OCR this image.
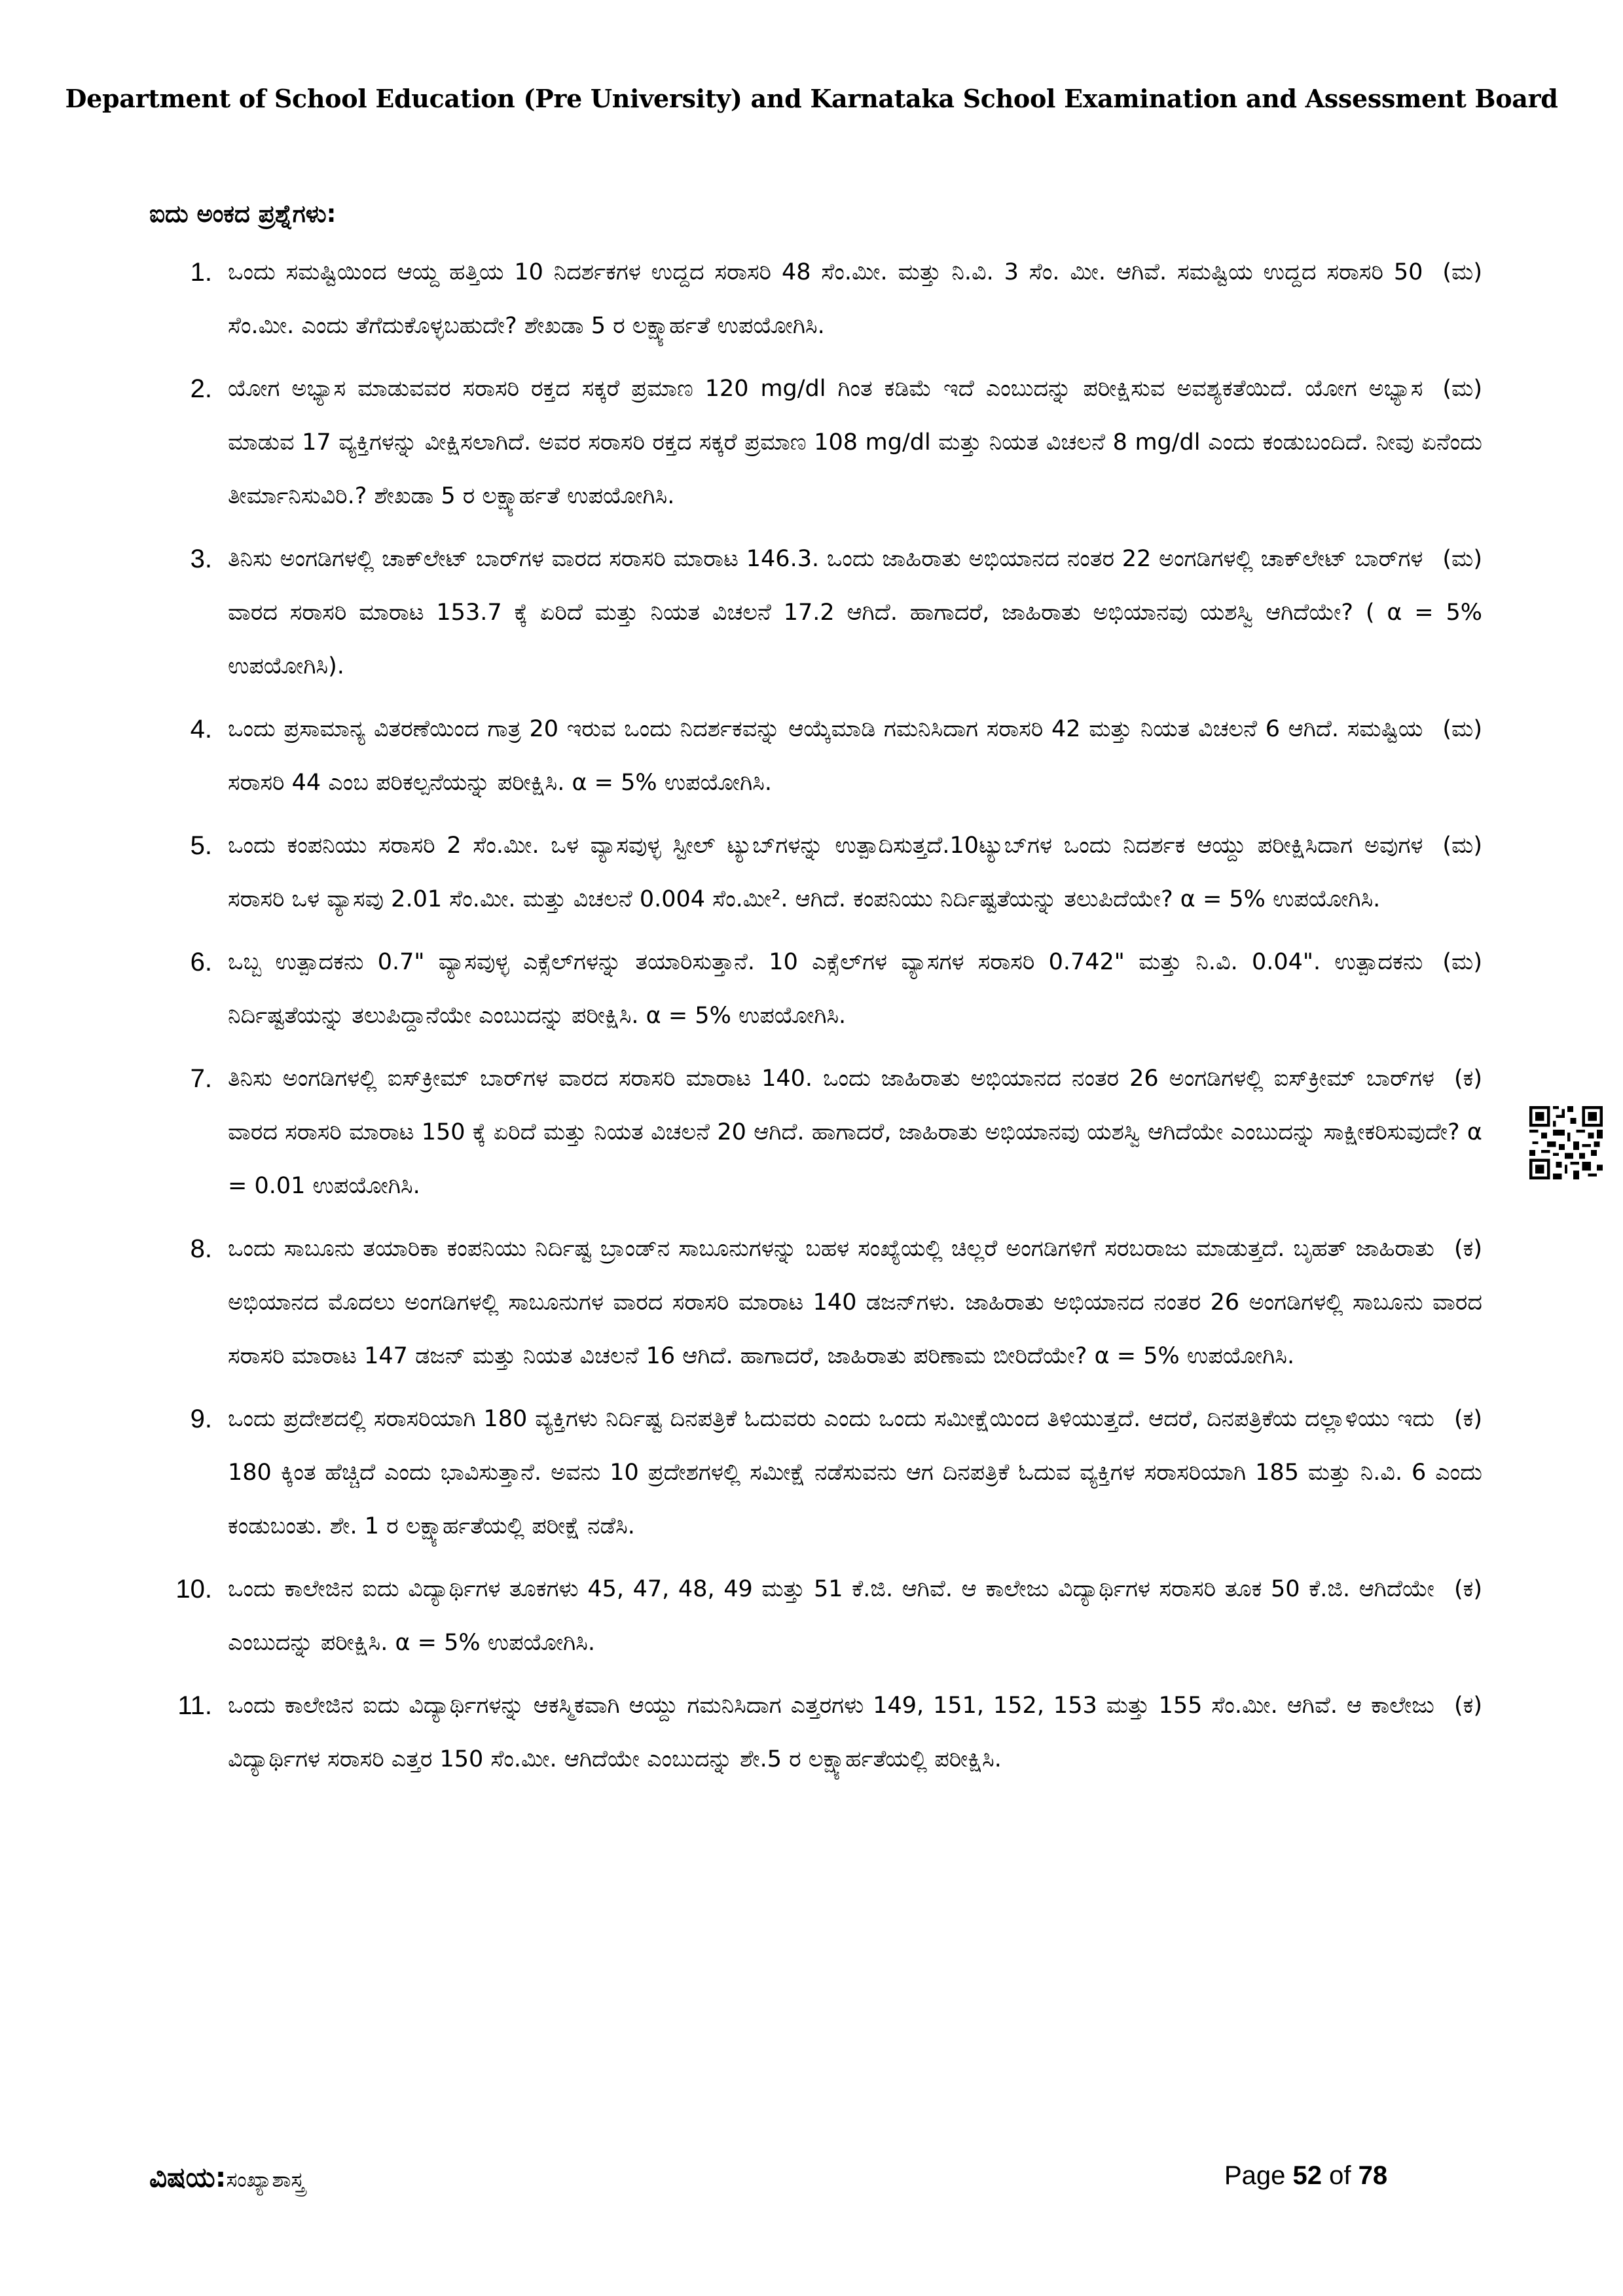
Department of School Education (Pre University) and Karnataka School Examination and Assessment Board
ಐದು ಅಂಕದ ಪ್ರಶ್ನೆಗಳು:
1.	(ಮ)
ಒಂದು ಸಮಷ್ಟಿಯಿಂದ ಆಯ್ದ ಹತ್ತಿಯ 10 ನಿದರ್ಶಕಗಳ ಉದ್ದದ ಸರಾಸರಿ 48 ಸೆಂ.ಮೀ. ಮತ್ತು ನಿ.ವಿ. 3 ಸೆಂ. ಮೀ. ಆಗಿವೆ. ಸಮಷ್ಟಿಯ ಉದ್ದದ ಸರಾಸರಿ 50 ಸೆಂ.ಮೀ. ಎಂದು ತೆಗೆದುಕೊಳ್ಳಬಹುದೇ? ಶೇಖಡಾ 5 ರ ಲಕ್ಷ್ಯಾರ್ಹತೆ ಉಪಯೋಗಿಸಿ.
2.	(ಮ)
ಯೋಗ ಅಭ್ಯಾಸ ಮಾಡುವವರ ಸರಾಸರಿ ರಕ್ತದ ಸಕ್ಕರೆ ಪ್ರಮಾಣ 120 mg/dl ಗಿಂತ ಕಡಿಮೆ ಇದೆ ಎಂಬುದನ್ನು ಪರೀಕ್ಷಿಸುವ ಅವಶ್ಯಕತೆಯಿದೆ. ಯೋಗ ಅಭ್ಯಾಸ ಮಾಡುವ 17 ವ್ಯಕ್ತಿಗಳನ್ನು ವೀಕ್ಷಿಸಲಾಗಿದೆ. ಅವರ ಸರಾಸರಿ ರಕ್ತದ ಸಕ್ಕರೆ ಪ್ರಮಾಣ 108 mg/dl ಮತ್ತು ನಿಯತ ವಿಚಲನೆ 8 mg/dl ಎಂದು ಕಂಡುಬಂದಿದೆ. ನೀವು ಏನೆಂದು ತೀರ್ಮಾನಿಸುವಿರಿ.? ಶೇಖಡಾ 5 ರ ಲಕ್ಷ್ಯಾರ್ಹತೆ ಉಪಯೋಗಿಸಿ.
3.	(ಮ)
ತಿನಿಸು ಅಂಗಡಿಗಳಲ್ಲಿ ಚಾಕ್‌ಲೇಟ್ ಬಾರ್‌ಗಳ ವಾರದ ಸರಾಸರಿ ಮಾರಾಟ 146.3. ಒಂದು ಜಾಹಿರಾತು ಅಭಿಯಾನದ ನಂತರ 22 ಅಂಗಡಿಗಳಲ್ಲಿ ಚಾಕ್‌ಲೇಟ್ ಬಾರ್‌ಗಳ ವಾರದ ಸರಾಸರಿ ಮಾರಾಟ 153.7 ಕ್ಕೆ ಏರಿದೆ ಮತ್ತು ನಿಯತ ವಿಚಲನೆ 17.2 ಆಗಿದೆ. ಹಾಗಾದರೆ, ಜಾಹಿರಾತು ಅಭಿಯಾನವು ಯಶಸ್ವಿ ಆಗಿದೆಯೇ? ( α = 5% ಉಪಯೋಗಿಸಿ).
4.	(ಮ)
ಒಂದು ಪ್ರಸಾಮಾನ್ಯ ವಿತರಣೆಯಿಂದ ಗಾತ್ರ 20 ಇರುವ ಒಂದು ನಿದರ್ಶಕವನ್ನು ಆಯ್ಕೆಮಾಡಿ ಗಮನಿಸಿದಾಗ ಸರಾಸರಿ 42 ಮತ್ತು ನಿಯತ ವಿಚಲನೆ 6 ಆಗಿದೆ. ಸಮಷ್ಟಿಯ ಸರಾಸರಿ 44 ಎಂಬ ಪರಿಕಲ್ಪನೆಯನ್ನು ಪರೀಕ್ಷಿಸಿ. α = 5% ಉಪಯೋಗಿಸಿ.
5.	(ಮ)
ಒಂದು ಕಂಪನಿಯು ಸರಾಸರಿ 2 ಸೆಂ.ಮೀ. ಒಳ ವ್ಯಾಸವುಳ್ಳ ಸ್ಟೀಲ್ ಟ್ಯುಬ್‌ಗಳನ್ನು ಉತ್ಪಾದಿಸುತ್ತದೆ.10ಟ್ಯುಬ್‌ಗಳ ಒಂದು ನಿದರ್ಶಕ ಆಯ್ದು ಪರೀಕ್ಷಿಸಿದಾಗ ಅವುಗಳ ಸರಾಸರಿ ಒಳ ವ್ಯಾಸವು 2.01 ಸೆಂ.ಮೀ. ಮತ್ತು ವಿಚಲನೆ 0.004 ಸೆಂ.ಮೀ². ಆಗಿದೆ. ಕಂಪನಿಯು ನಿರ್ದಿಷ್ಟತೆಯನ್ನು ತಲುಪಿದೆಯೇ? α = 5% ಉಪಯೋಗಿಸಿ.
6.	(ಮ)
ಒಬ್ಬ ಉತ್ಪಾದಕನು 0.7" ವ್ಯಾಸವುಳ್ಳ ಎಕ್ಸೆಲ್‌ಗಳನ್ನು ತಯಾರಿಸುತ್ತಾನೆ. 10 ಎಕ್ಸೆಲ್‌ಗಳ ವ್ಯಾಸಗಳ ಸರಾಸರಿ 0.742" ಮತ್ತು ನಿ.ವಿ. 0.04". ಉತ್ಪಾದಕನು ನಿರ್ದಿಷ್ಟತೆಯನ್ನು ತಲುಪಿದ್ದಾನೆಯೇ ಎಂಬುದನ್ನು ಪರೀಕ್ಷಿಸಿ. α = 5% ಉಪಯೋಗಿಸಿ.
7.	(ಕ)
ತಿನಿಸು ಅಂಗಡಿಗಳಲ್ಲಿ ಐಸ್‌ಕ್ರೀಮ್ ಬಾರ್‌ಗಳ ವಾರದ ಸರಾಸರಿ ಮಾರಾಟ 140. ಒಂದು ಜಾಹಿರಾತು ಅಭಿಯಾನದ ನಂತರ 26 ಅಂಗಡಿಗಳಲ್ಲಿ ಐಸ್‌ಕ್ರೀಮ್ ಬಾರ್‌ಗಳ ವಾರದ ಸರಾಸರಿ ಮಾರಾಟ 150 ಕ್ಕೆ ಏರಿದೆ ಮತ್ತು ನಿಯತ ವಿಚಲನೆ 20 ಆಗಿದೆ. ಹಾಗಾದರೆ, ಜಾಹಿರಾತು ಅಭಿಯಾನವು ಯಶಸ್ವಿ ಆಗಿದೆಯೇ ಎಂಬುದನ್ನು ಸಾಕ್ಷೀಕರಿಸುವುದೇ? α = 0.01 ಉಪಯೋಗಿಸಿ.
8.	(ಕ)
ಒಂದು ಸಾಬೂನು ತಯಾರಿಕಾ ಕಂಪನಿಯು ನಿರ್ದಿಷ್ಟ ಬ್ರಾಂಡ್‌ನ ಸಾಬೂನುಗಳನ್ನು ಬಹಳ ಸಂಖ್ಯೆಯಲ್ಲಿ ಚಿಲ್ಲರೆ ಅಂಗಡಿಗಳಿಗೆ ಸರಬರಾಜು ಮಾಡುತ್ತದೆ. ಬೃಹತ್ ಜಾಹಿರಾತು ಅಭಿಯಾನದ ಮೊದಲು ಅಂಗಡಿಗಳಲ್ಲಿ ಸಾಬೂನುಗಳ ವಾರದ ಸರಾಸರಿ ಮಾರಾಟ 140 ಡಜನ್‌ಗಳು. ಜಾಹಿರಾತು ಅಭಿಯಾನದ ನಂತರ 26 ಅಂಗಡಿಗಳಲ್ಲಿ ಸಾಬೂನು ವಾರದ ಸರಾಸರಿ ಮಾರಾಟ 147 ಡಜನ್ ಮತ್ತು ನಿಯತ ವಿಚಲನೆ 16 ಆಗಿದೆ. ಹಾಗಾದರೆ, ಜಾಹಿರಾತು ಪರಿಣಾಮ ಬೀರಿದೆಯೇ? α = 5% ಉಪಯೋಗಿಸಿ.
9.	(ಕ)
ಒಂದು ಪ್ರದೇಶದಲ್ಲಿ ಸರಾಸರಿಯಾಗಿ 180 ವ್ಯಕ್ತಿಗಳು ನಿರ್ದಿಷ್ಟ ದಿನಪತ್ರಿಕೆ ಓದುವರು ಎಂದು ಒಂದು ಸಮೀಕ್ಷೆಯಿಂದ ತಿಳಿಯುತ್ತದೆ. ಆದರೆ, ದಿನಪತ್ರಿಕೆಯ ದಲ್ಲಾಳಿಯು ಇದು 180 ಕ್ಕಿಂತ ಹೆಚ್ಚಿದೆ ಎಂದು ಭಾವಿಸುತ್ತಾನೆ. ಅವನು 10 ಪ್ರದೇಶಗಳಲ್ಲಿ ಸಮೀಕ್ಷೆ ನಡೆಸುವನು ಆಗ ದಿನಪತ್ರಿಕೆ ಓದುವ ವ್ಯಕ್ತಿಗಳ ಸರಾಸರಿಯಾಗಿ 185 ಮತ್ತು ನಿ.ವಿ. 6 ಎಂದು ಕಂಡುಬಂತು. ಶೇ. 1 ರ ಲಕ್ಷ್ಯಾರ್ಹತೆಯಲ್ಲಿ ಪರೀಕ್ಷೆ ನಡೆಸಿ.
10.	(ಕ)
ಒಂದು ಕಾಲೇಜಿನ ಐದು ವಿದ್ಯಾರ್ಥಿಗಳ ತೂಕಗಳು 45, 47, 48, 49 ಮತ್ತು 51 ಕೆ.ಜಿ. ಆಗಿವೆ. ಆ ಕಾಲೇಜು ವಿದ್ಯಾರ್ಥಿಗಳ ಸರಾಸರಿ ತೂಕ 50 ಕೆ.ಜಿ. ಆಗಿದೆಯೇ ಎಂಬುದನ್ನು ಪರೀಕ್ಷಿಸಿ. α = 5% ಉಪಯೋಗಿಸಿ.
11.	(ಕ)
ಒಂದು ಕಾಲೇಜಿನ ಐದು ವಿದ್ಯಾರ್ಥಿಗಳನ್ನು ಆಕಸ್ಮಿಕವಾಗಿ ಆಯ್ದು ಗಮನಿಸಿದಾಗ ಎತ್ತರಗಳು 149, 151, 152, 153 ಮತ್ತು 155 ಸೆಂ.ಮೀ. ಆಗಿವೆ. ಆ ಕಾಲೇಜು ವಿದ್ಯಾರ್ಥಿಗಳ ಸರಾಸರಿ ಎತ್ತರ 150 ಸೆಂ.ಮೀ. ಆಗಿದೆಯೇ ಎಂಬುದನ್ನು ಶೇ.5 ರ ಲಕ್ಷ್ಯಾರ್ಹತೆಯಲ್ಲಿ ಪರೀಕ್ಷಿಸಿ.
ವಿಷಯ:ಸಂಖ್ಯಾಶಾಸ್ತ್ರ	Page 52 of 78
